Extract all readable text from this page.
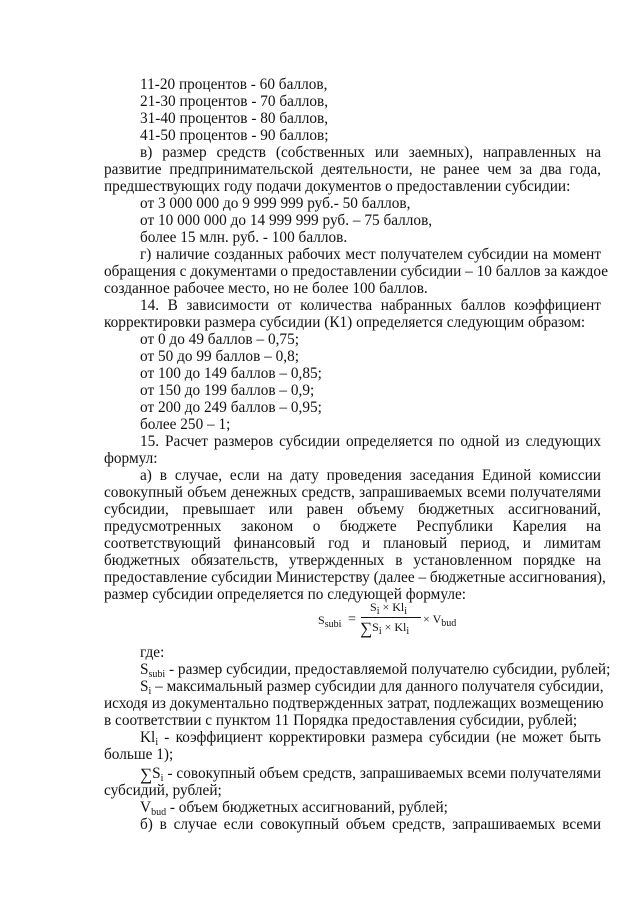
11-20 процентов - 60 баллов,

21-30 процентов - 70 баллов,

31-40 процентов - 80 баллов,

41-50 процентов - 90 баллов;

в) размер средств (собственных или заемных), направленных на

развитие предпринимательской деятельности, не ранее чем за два года,

предшествующих году подачи документов о предоставлении субсидии:

от 3 000 000 до 9 999 999 руб.- 50 баллов,

от 10 000 000 до 14 999 999 руб. – 75 баллов,

более 15 млн. руб. - 100 баллов.

г) наличие созданных рабочих мест получателем субсидии на момент

обращения с документами о предоставлении субсидии – 10 баллов за каждое

созданное рабочее место, но не более 100 баллов.

14. В зависимости от количества набранных баллов коэффициент

корректировки размера субсидии (К1) определяется следующим образом:

от 0 до 49 баллов – 0,75;

от 50 до 99 баллов – 0,8;

от 100 до 149 баллов – 0,85;

от 150 до 199 баллов – 0,9;

от 200 до 249 баллов – 0,95;

более 250 – 1;

15. Расчет размеров субсидии определяется по одной из следующих

формул:

а) в случае, если на дату проведения заседания Единой комиссии

совокупный объем денежных средств, запрашиваемых всеми получателями

субсидии, превышает или равен объему бюджетных ассигнований,

предусмотренных законом о бюджете Республики Карелия на

соответствующий финансовый год и плановый период, и лимитам

бюджетных обязательств, утвержденных в установленном порядке на

предоставление субсидии Министерству (далее – бюджетные ассигнования),

размер субсидии определяется по следующей формуле:

$S_{subi}$ =
$S_i \times Kl_i$
$\sum S_i \times Kl_i$
× $V_{bud}$

где:

$S_{subi}$ - размер субсидии, предоставляемой получателю субсидии, рублей;

$S_i$ – максимальный размер субсидии для данного получателя субсидии,

исходя из документально подтвержденных затрат, подлежащих возмещению

в соответствии с пунктом 11 Порядка предоставления субсидии, рублей;

$Kl_i$ - коэффициент корректировки размера субсидии (не может быть

больше 1);

$\sum S_i$ - совокупный объем средств, запрашиваемых всеми получателями

субсидий, рублей;

$V_{bud}$ - объем бюджетных ассигнований, рублей;

б) в случае если совокупный объем средств, запрашиваемых всеми
